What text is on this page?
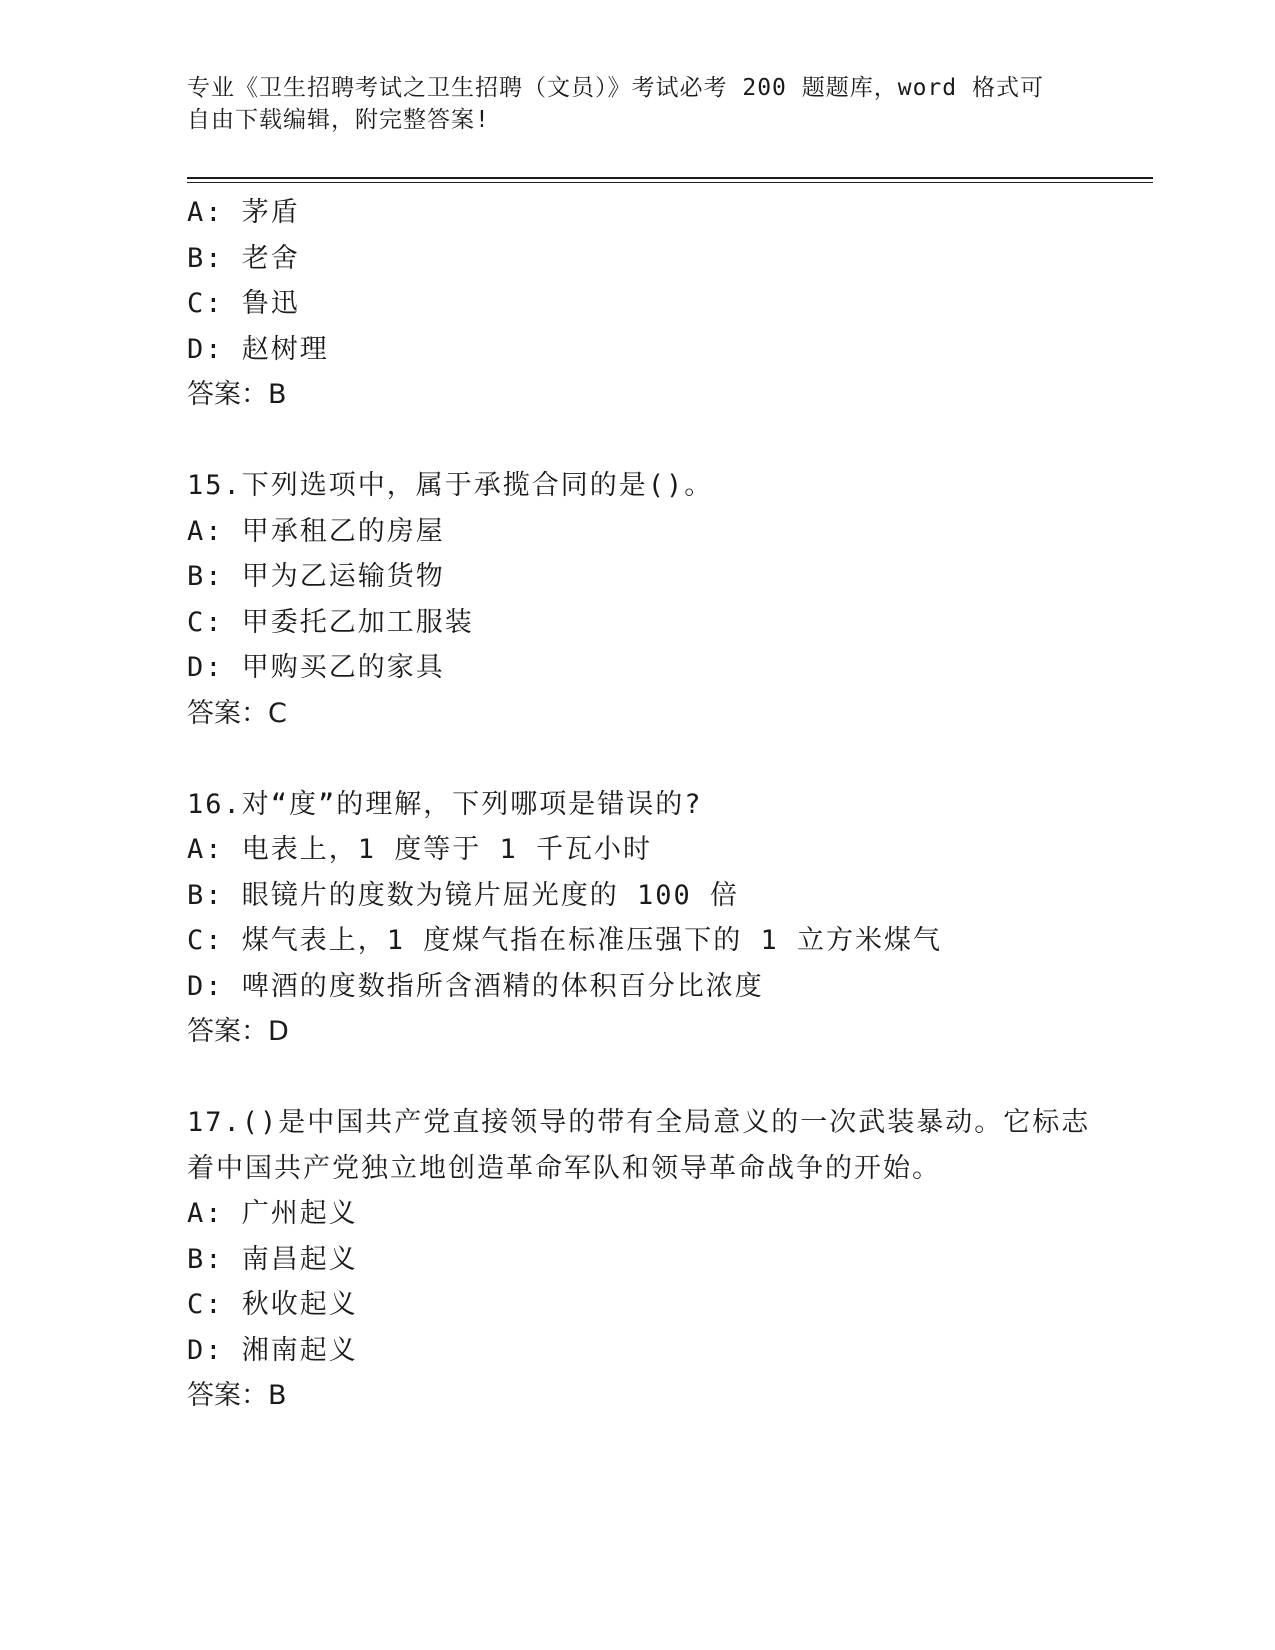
专业《卫生招聘考试之卫生招聘（文员）》考试必考 200 题题库，word 格式可自由下载编辑，附完整答案!
A: 茅盾
B: 老舍
C: 鲁迅
D: 赵树理
答案：B
15.下列选项中，属于承揽合同的是()。
A: 甲承租乙的房屋
B: 甲为乙运输货物
C: 甲委托乙加工服装
D: 甲购买乙的家具
答案：C
16.对“度”的理解，下列哪项是错误的?
A: 电表上，1 度等于 1 千瓦小时
B: 眼镜片的度数为镜片屈光度的 100 倍
C: 煤气表上，1 度煤气指在标准压强下的 1 立方米煤气
D: 啤酒的度数指所含酒精的体积百分比浓度
答案：D
17.()是中国共产党直接领导的带有全局意义的一次武装暴动。它标志
着中国共产党独立地创造革命军队和领导革命战争的开始。
A: 广州起义
B: 南昌起义
C: 秋收起义
D: 湘南起义
答案：B
